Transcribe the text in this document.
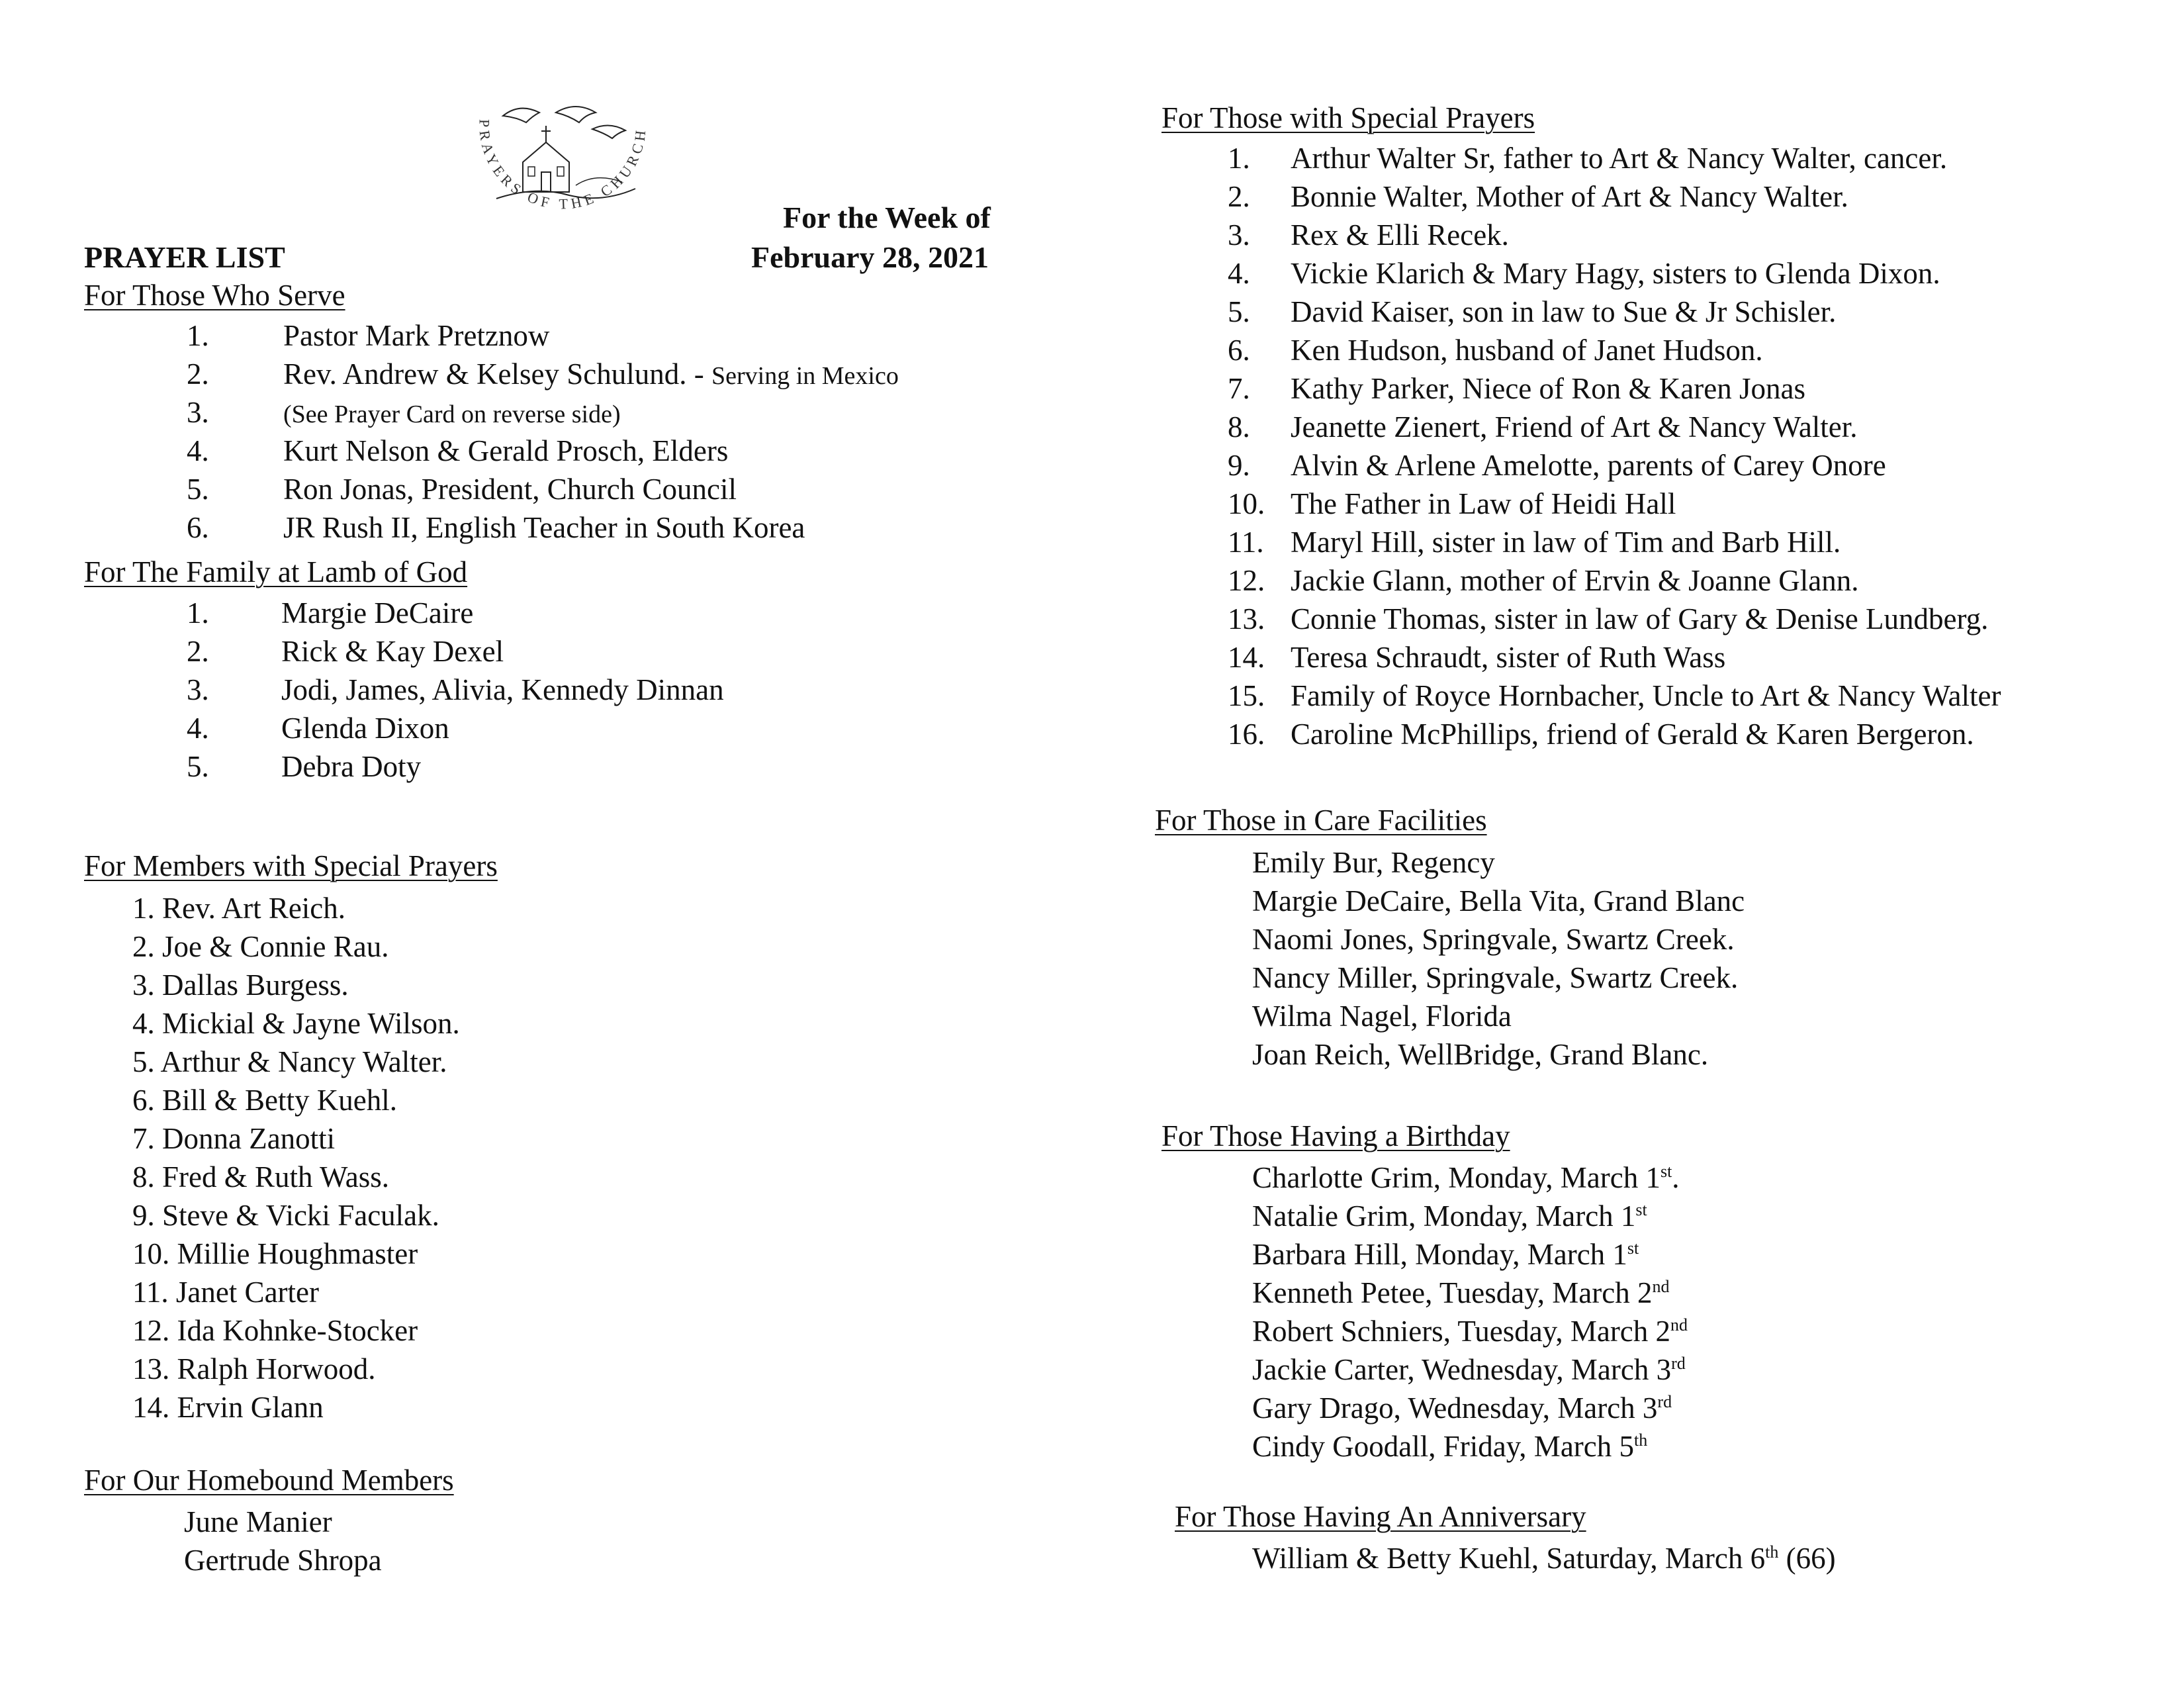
PRAYERS OF THE CHURCH
For the Week of
PRAYER LIST	February 28, 2021
For Those Who Serve
1. Pastor Mark Pretznow
2. Rev. Andrew & Kelsey Schulund. - Serving in Mexico
3.	(See Prayer Card on reverse side)
4. Kurt Nelson & Gerald Prosch, Elders
5. Ron Jonas, President, Church Council
6. JR Rush II, English Teacher in South Korea
For The Family at Lamb of God
1. Margie DeCaire
2. Rick & Kay Dexel
3. Jodi, James, Alivia, Kennedy Dinnan
4. Glenda Dixon
5. Debra Doty
For Members with Special Prayers
1. Rev. Art Reich.
2. Joe & Connie Rau.
3. Dallas Burgess.
4. Mickial & Jayne Wilson.
5. Arthur & Nancy Walter.
6. Bill & Betty Kuehl.
7. Donna Zanotti
8. Fred & Ruth Wass.
9. Steve & Vicki Faculak.
10. Millie Houghmaster
11. Janet Carter
12. Ida Kohnke-Stocker
13. Ralph Horwood.
14. Ervin Glann
For Our Homebound Members
June Manier
Gertrude Shropa
For Those with Special Prayers
1. Arthur Walter Sr, father to Art & Nancy Walter, cancer.
2. Bonnie Walter, Mother of Art & Nancy Walter.
3. Rex & Elli Recek.
4. Vickie Klarich & Mary Hagy, sisters to Glenda Dixon.
5. David Kaiser, son in law to Sue & Jr Schisler.
6. Ken Hudson, husband of Janet Hudson.
7. Kathy Parker, Niece of Ron & Karen Jonas
8. Jeanette Zienert, Friend of Art & Nancy Walter.
9. Alvin & Arlene Amelotte, parents of Carey Onore
10. The Father in Law of Heidi Hall
11. Maryl Hill, sister in law of Tim and Barb Hill.
12. Jackie Glann, mother of Ervin & Joanne Glann.
13. Connie Thomas, sister in law of Gary & Denise Lundberg.
14. Teresa Schraudt, sister of Ruth Wass
15. Family of Royce Hornbacher, Uncle to Art & Nancy Walter
16. Caroline McPhillips, friend of Gerald & Karen Bergeron.
For Those in Care Facilities
Emily Bur, Regency
Margie DeCaire, Bella Vita, Grand Blanc
Naomi Jones, Springvale, Swartz Creek.
Nancy Miller, Springvale, Swartz Creek.
Wilma Nagel, Florida
Joan Reich, WellBridge, Grand Blanc.
For Those Having a Birthday
Charlotte Grim, Monday, March 1st.
Natalie Grim, Monday, March 1st
Barbara Hill, Monday, March 1st
Kenneth Petee, Tuesday, March 2nd
Robert Schniers, Tuesday, March 2nd
Jackie Carter, Wednesday, March 3rd
Gary Drago, Wednesday, March 3rd
Cindy Goodall, Friday, March 5th
For Those Having An Anniversary
William & Betty Kuehl, Saturday, March 6th (66)
